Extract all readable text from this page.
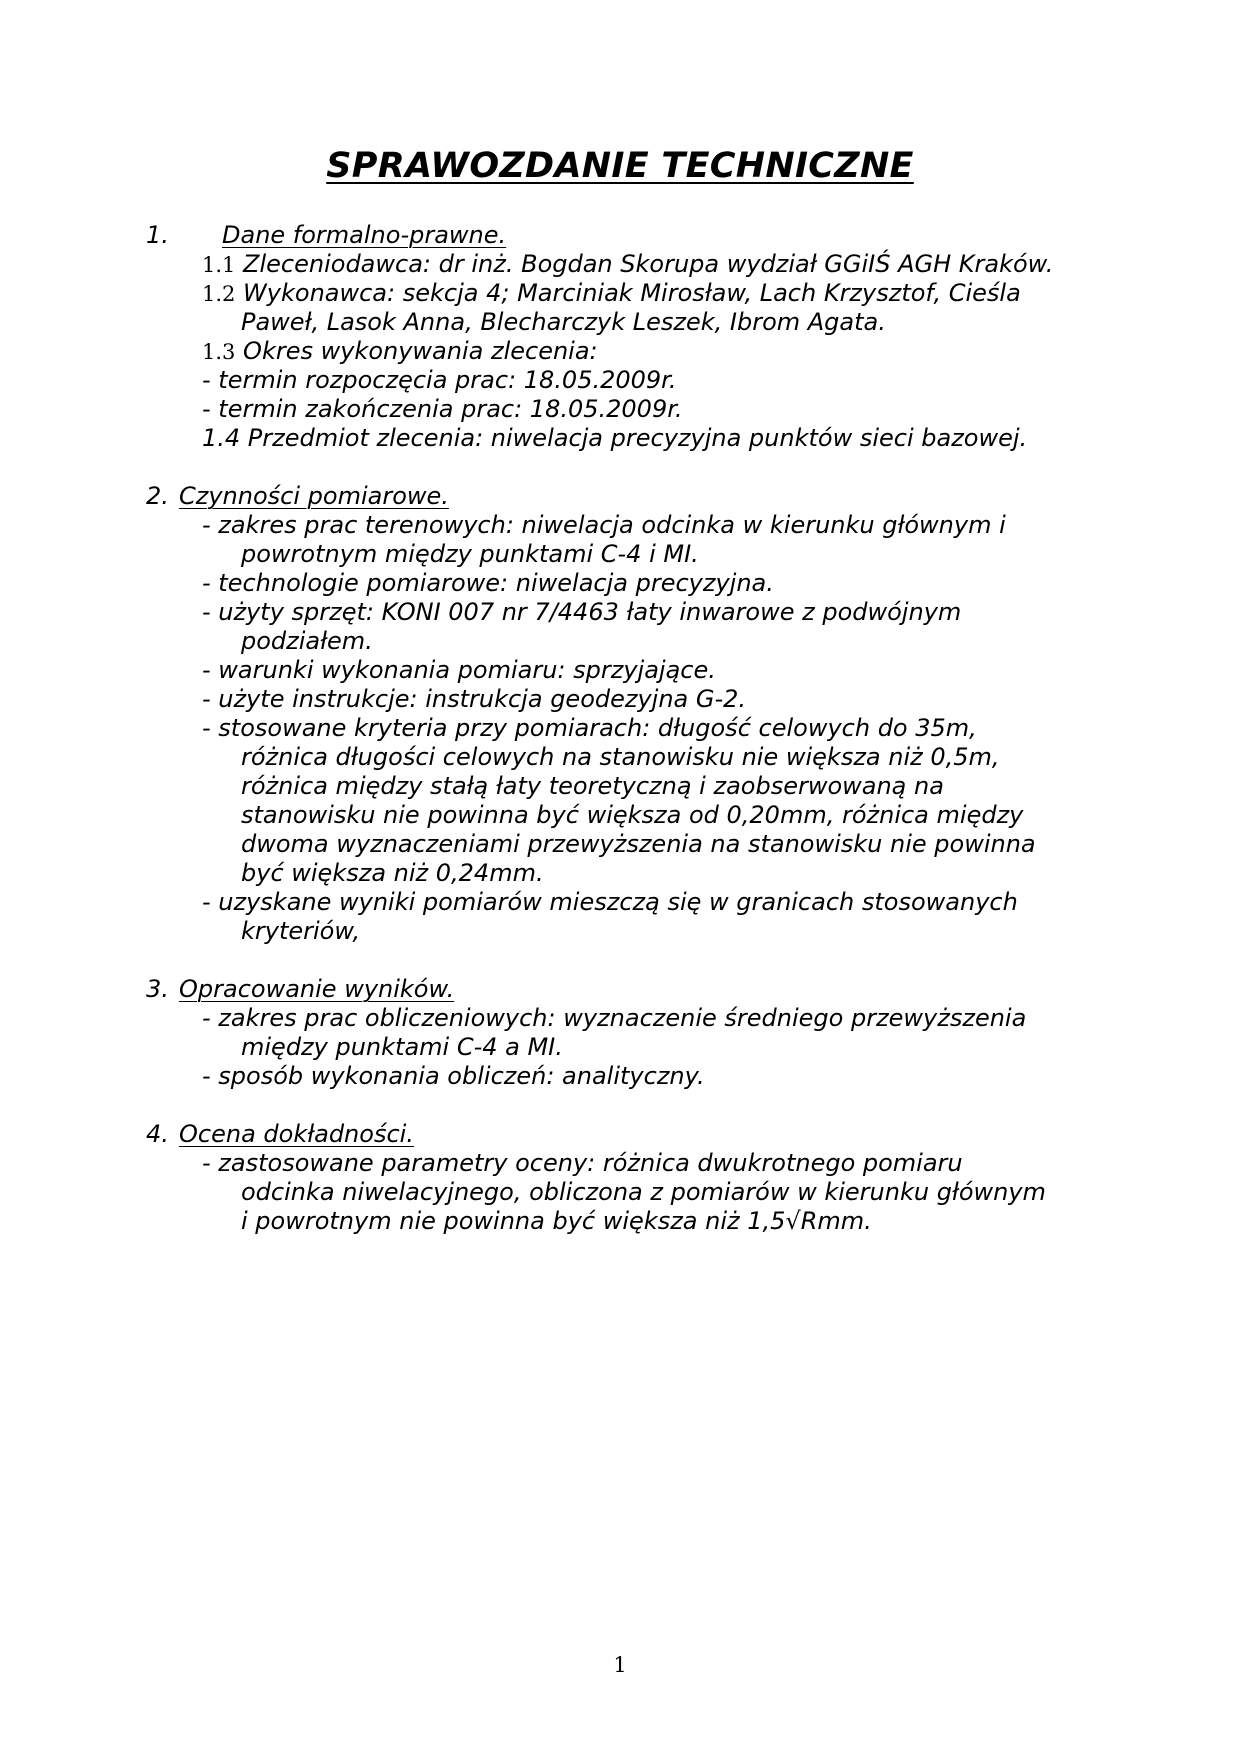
SPRAWOZDANIE TECHNICZNE
1. Dane formalno-prawne.
1.1 Zleceniodawca: dr inż. Bogdan Skorupa wydział GGiIŚ AGH Kraków.
1.2 Wykonawca: sekcja 4; Marciniak Mirosław, Lach Krzysztof, Cieśla
Paweł, Lasok Anna, Blecharczyk Leszek, Ibrom Agata.
1.3 Okres wykonywania zlecenia:
- termin rozpoczęcia prac: 18.05.2009r.
- termin zakończenia prac: 18.05.2009r.
1.4 Przedmiot zlecenia: niwelacja precyzyjna punktów sieci bazowej.
2. Czynności pomiarowe.
- zakres prac terenowych: niwelacja odcinka w kierunku głównym i
powrotnym między punktami C-4 i MI.
- technologie pomiarowe: niwelacja precyzyjna.
- użyty sprzęt: KONI 007 nr 7/4463 łaty inwarowe z podwójnym
podziałem.
- warunki wykonania pomiaru: sprzyjające.
- użyte instrukcje: instrukcja geodezyjna G-2.
- stosowane kryteria przy pomiarach: długość celowych do 35m,
różnica długości celowych na stanowisku nie większa niż 0,5m,
różnica między stałą łaty teoretyczną i zaobserwowaną na
stanowisku nie powinna być większa od 0,20mm, różnica między
dwoma wyznaczeniami przewyższenia na stanowisku nie powinna
być większa niż 0,24mm.
- uzyskane wyniki pomiarów mieszczą się w granicach stosowanych
kryteriów,
3. Opracowanie wyników.
- zakres prac obliczeniowych: wyznaczenie średniego przewyższenia
między punktami C-4 a MI.
- sposób wykonania obliczeń: analityczny.
4. Ocena dokładności.
- zastosowane parametry oceny: różnica dwukrotnego pomiaru
odcinka niwelacyjnego, obliczona z pomiarów w kierunku głównym
i powrotnym nie powinna być większa niż 1,5√Rmm.
1
